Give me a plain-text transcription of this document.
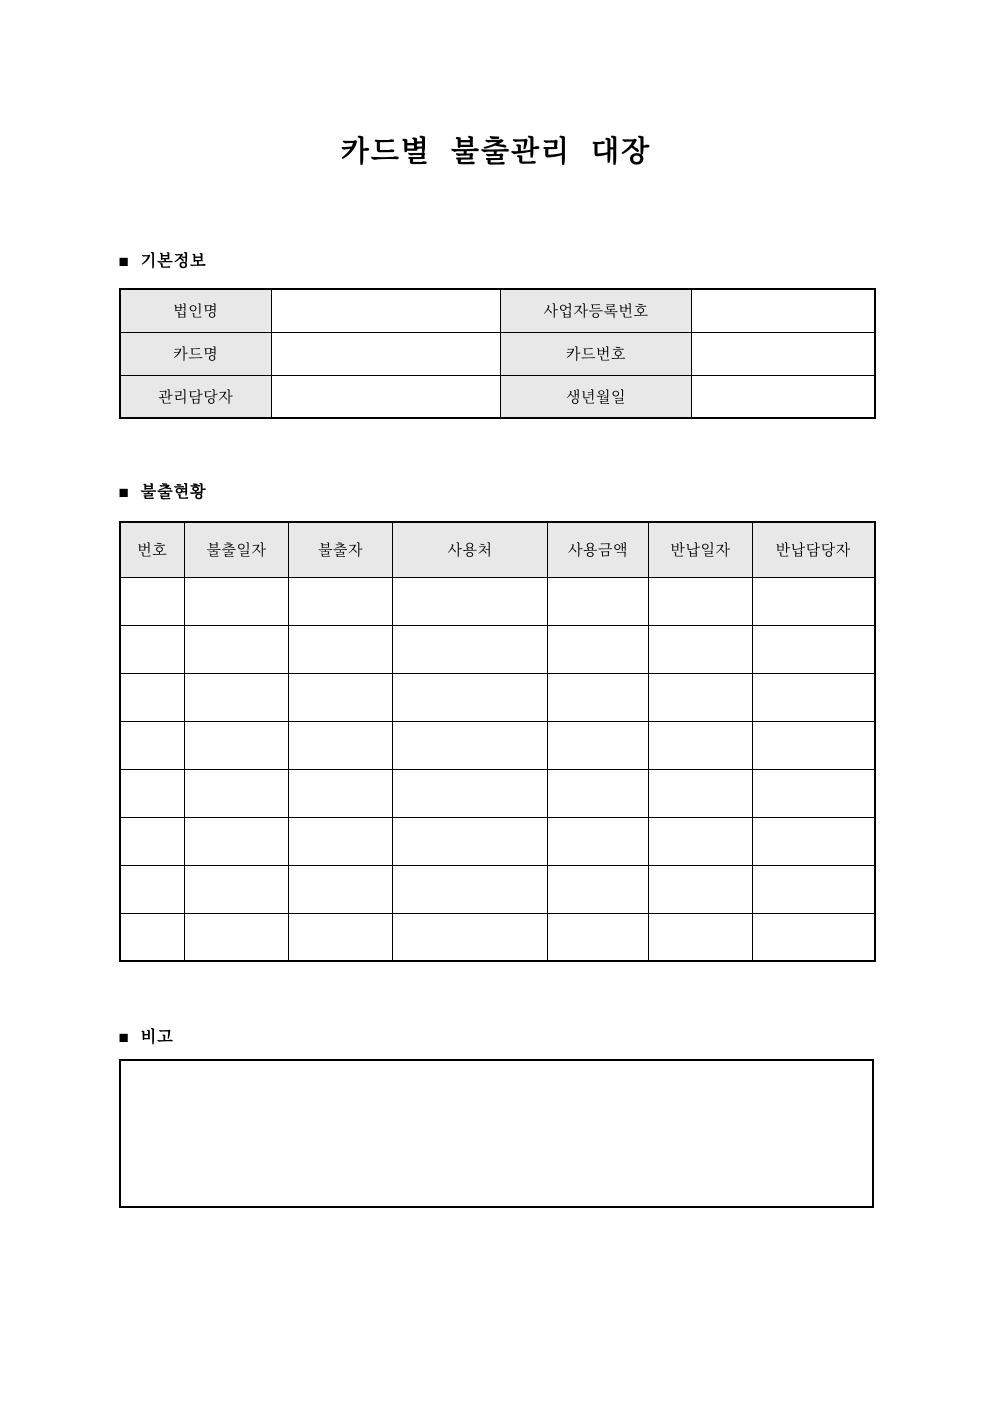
카드별 불출관리 대장
■ 기본정보
법인명		사업자등록번호	
카드명		카드번호	
관리담당자		생년월일	
■ 불출현황
번호	불출일자	불출자	사용처	사용금액	반납일자	반납담당자

■ 비고
